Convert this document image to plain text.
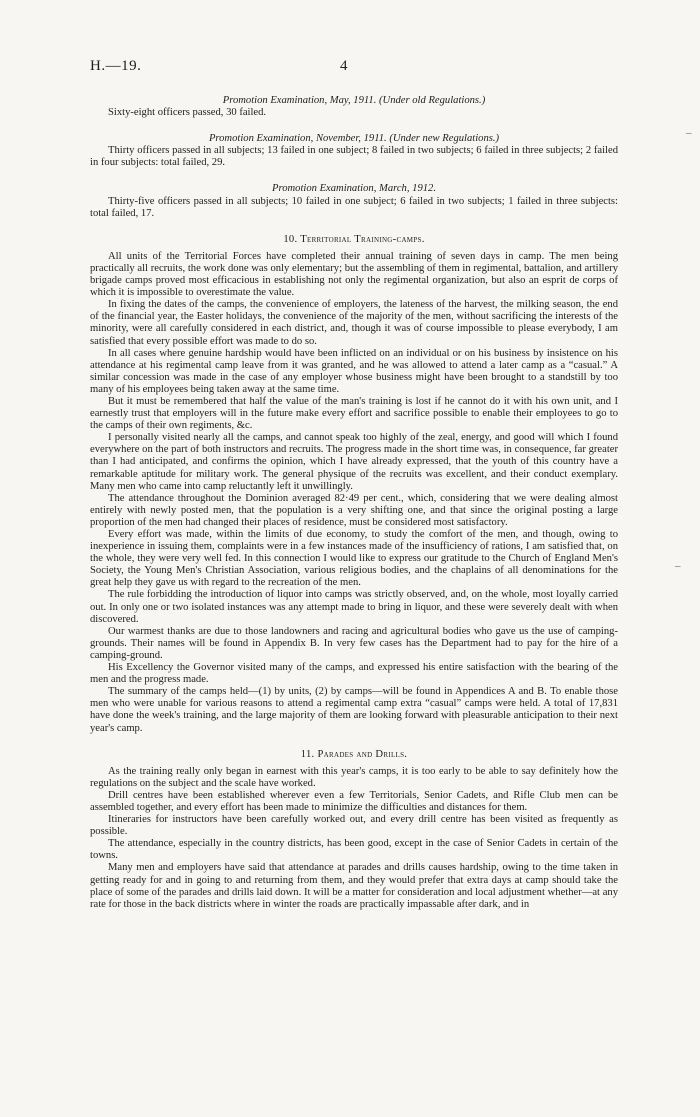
H.—19.	4
–
–

Promotion Examination, May, 1911. (Under old Regulations.)

Sixty-eight officers passed, 30 failed.

Promotion Examination, November, 1911. (Under new Regulations.)

Thirty officers passed in all subjects; 13 failed in one subject; 8 failed in two subjects; 6 failed in three subjects; 2 failed in four subjects: total failed, 29.

Promotion Examination, March, 1912.

Thirty-five officers passed in all subjects; 10 failed in one subject; 6 failed in two subjects; 1 failed in three subjects: total failed, 17.

10. Territorial Training-camps.

All units of the Territorial Forces have completed their annual training of seven days in camp. The men being practically all recruits, the work done was only elementary; but the assembling of them in regimental, battalion, and artillery brigade camps proved most efficacious in establishing not only the regimental organization, but also an esprit de corps of which it is impossible to overestimate the value.

In fixing the dates of the camps, the convenience of employers, the lateness of the harvest, the milking season, the end of the financial year, the Easter holidays, the convenience of the majority of the men, without sacrificing the interests of the minority, were all carefully considered in each district, and, though it was of course impossible to please everybody, I am satisfied that every possible effort was made to do so.

In all cases where genuine hardship would have been inflicted on an individual or on his business by insistence on his attendance at his regimental camp leave from it was granted, and he was allowed to attend a later camp as a “casual.” A similar concession was made in the case of any employer whose business might have been brought to a standstill by too many of his employees being taken away at the same time.

But it must be remembered that half the value of the man's training is lost if he cannot do it with his own unit, and I earnestly trust that employers will in the future make every effort and sacrifice possible to enable their employees to go to the camps of their own regiments, &c.

I personally visited nearly all the camps, and cannot speak too highly of the zeal, energy, and good will which I found everywhere on the part of both instructors and recruits. The progress made in the short time was, in consequence, far greater than I had anticipated, and confirms the opinion, which I have already expressed, that the youth of this country have a remarkable aptitude for military work. The general physique of the recruits was excellent, and their conduct exemplary. Many men who came into camp reluctantly left it unwillingly.

The attendance throughout the Dominion averaged 82·49 per cent., which, considering that we were dealing almost entirely with newly posted men, that the population is a very shifting one, and that since the original posting a large proportion of the men had changed their places of residence, must be considered most satisfactory.

Every effort was made, within the limits of due economy, to study the comfort of the men, and though, owing to inexperience in issuing them, complaints were in a few instances made of the insufficiency of rations, I am satisfied that, on the whole, they were very well fed. In this connection I would like to express our gratitude to the Church of England Men's Society, the Young Men's Christian Association, various religious bodies, and the chaplains of all denominations for the great help they gave us with regard to the recreation of the men.

The rule forbidding the introduction of liquor into camps was strictly observed, and, on the whole, most loyally carried out. In only one or two isolated instances was any attempt made to bring in liquor, and these were severely dealt with when discovered.

Our warmest thanks are due to those landowners and racing and agricultural bodies who gave us the use of camping-grounds. Their names will be found in Appendix B. In very few cases has the Department had to pay for the hire of a camping-ground.

His Excellency the Governor visited many of the camps, and expressed his entire satisfaction with the bearing of the men and the progress made.

The summary of the camps held—(1) by units, (2) by camps—will be found in Appendices A and B. To enable those men who were unable for various reasons to attend a regimental camp extra “casual” camps were held. A total of 17,831 have done the week's training, and the large majority of them are looking forward with pleasurable anticipation to their next year's camp.

11. Parades and Drills.

As the training really only began in earnest with this year's camps, it is too early to be able to say definitely how the regulations on the subject and the scale have worked.

Drill centres have been established wherever even a few Territorials, Senior Cadets, and Rifle Club men can be assembled together, and every effort has been made to minimize the difficulties and distances for them.

Itineraries for instructors have been carefully worked out, and every drill centre has been visited as frequently as possible.

The attendance, especially in the country districts, has been good, except in the case of Senior Cadets in certain of the towns.

Many men and employers have said that attendance at parades and drills causes hardship, owing to the time taken in getting ready for and in going to and returning from them, and they would prefer that extra days at camp should take the place of some of the parades and drills laid down. It will be a matter for consideration and local adjustment whether—at any rate for those in the back districts where in winter the roads are practically impassable after dark, and in
